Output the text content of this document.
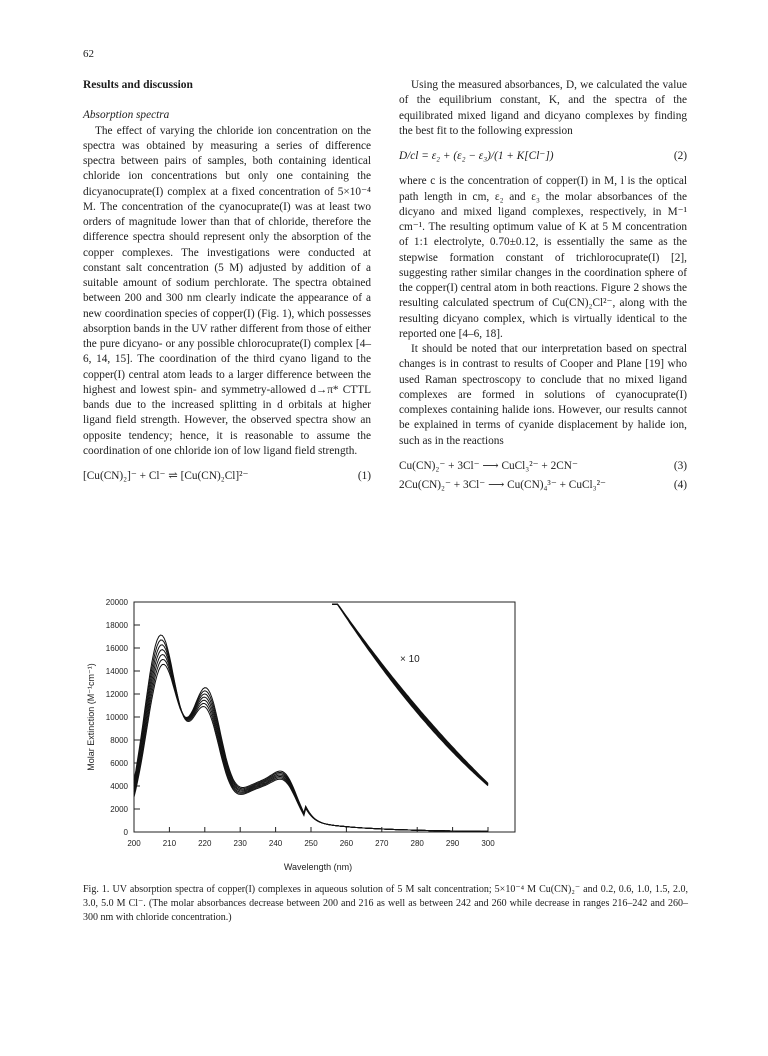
62
Results and discussion
Absorption spectra

The effect of varying the chloride ion concentration on the spectra was obtained by measuring a series of difference spectra between pairs of samples, both containing identical chloride ion concentrations but only one containing the dicyanocuprate(I) complex at a fixed concentration of 5×10⁻⁴ M. The concentration of the cyanocuprate(I) was at least two orders of magnitude lower than that of chloride, therefore the difference spectra should represent only the absorption of the copper complexes. The investigations were conducted at constant salt concentration (5 M) adjusted by addition of a suitable amount of sodium perchlorate. The spectra obtained between 200 and 300 nm clearly indicate the appearance of a new coordination species of copper(I) (Fig. 1), which possesses absorption bands in the UV rather different from those of either the pure dicyano- or any possible chlorocuprate(I) complex [4–6, 14, 15]. The coordination of the third cyano ligand to the copper(I) central atom leads to a larger difference between the highest and lowest spin- and symmetry-allowed d→π* CTTL bands due to the increased splitting in d orbitals at higher ligand field strength. However, the observed spectra show an opposite tendency; hence, it is reasonable to assume the coordination of one chloride ion of low ligand field strength.

[Cu(CN)₂]⁻ + Cl⁻ ⇌ [Cu(CN)₂Cl]²⁻	(1)

Using the measured absorbances, D, we calculated the value of the equilibrium constant, K, and the spectra of the equilibrated mixed ligand and dicyano complexes by finding the best fit to the following expression

D/cl = ε₂ + (ε₂ − ε₃)/(1 + K[Cl⁻])	(2)

where c is the concentration of copper(I) in M, l is the optical path length in cm, ε₂ and ε₃ the molar absorbances of the dicyano and mixed ligand complexes, respectively, in M⁻¹ cm⁻¹. The resulting optimum value of K at 5 M concentration of 1:1 electrolyte, 0.70±0.12, is essentially the same as the stepwise formation constant of trichlorocuprate(I) [2], suggesting rather similar changes in the coordination sphere of the copper(I) central atom in both reactions. Figure 2 shows the resulting calculated spectrum of Cu(CN)₂Cl²⁻, along with the resulting dicyano complex, which is virtually identical to the reported one [4–6, 18].

It should be noted that our interpretation based on spectral changes is in contrast to results of Cooper and Plane [19] who used Raman spectroscopy to conclude that no mixed ligand complexes are formed in solutions of cyanocuprate(I) complexes containing halide ions. However, our results cannot be explained in terms of cyanide displacement by halide ion, such as in the reactions

Cu(CN)₂⁻ + 3Cl⁻ ⟶ CuCl₃²⁻ + 2CN⁻	(3)
2Cu(CN)₂⁻ + 3Cl⁻ ⟶ Cu(CN)₄³⁻ + CuCl₃²⁻	(4)
0
2000
4000
6000
8000
10000
12000
14000
16000
18000
20000
200	210	220	230	240	250	260	270	280	290	300
× 10
Wavelength (nm)
Molar Extinction (M⁻¹cm⁻¹)
Fig. 1. UV absorption spectra of copper(I) complexes in aqueous solution of 5 M salt concentration; 5×10⁻⁴ M Cu(CN)₂⁻ and 0.2, 0.6, 1.0, 1.5, 2.0, 3.0, 5.0 M Cl⁻. (The molar absorbances decrease between 200 and 216 as well as between 242 and 260 while decrease in ranges 216–242 and 260–300 nm with chloride concentration.)
